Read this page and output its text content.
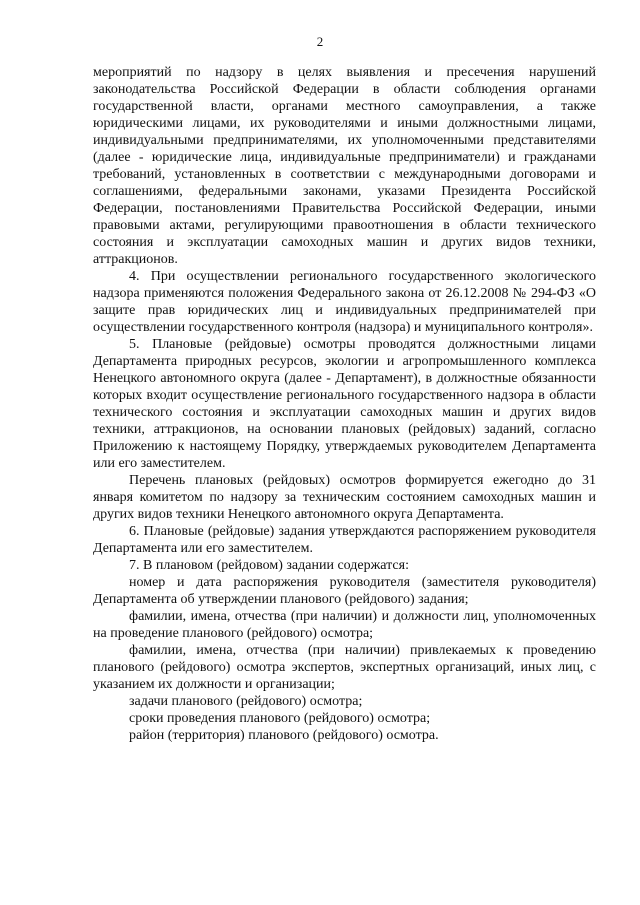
2

мероприятий по надзору в целях выявления и пресечения нарушений законодательства Российской Федерации в области соблюдения органами государственной власти, органами местного самоуправления, а также юридическими лицами, их руководителями и иными должностными лицами, индивидуальными предпринимателями, их уполномоченными представителями (далее - юридические лица, индивидуальные предприниматели) и гражданами требований, установленных в соответствии с международными договорами и соглашениями, федеральными законами, указами Президента Российской Федерации, постановлениями Правительства Российской Федерации, иными правовыми актами, регулирующими правоотношения в области технического состояния и эксплуатации самоходных машин и других видов техники, аттракционов.

4. При осуществлении регионального государственного экологического надзора применяются положения Федерального закона от 26.12.2008 № 294-ФЗ «О защите прав юридических лиц и индивидуальных предпринимателей при осуществлении государственного контроля (надзора) и муниципального контроля».

5. Плановые (рейдовые) осмотры проводятся должностными лицами Департамента природных ресурсов, экологии и агропромышленного комплекса Ненецкого автономного округа (далее - Департамент), в должностные обязанности которых входит осуществление регионального государственного надзора в области технического состояния и эксплуатации самоходных машин и других видов техники, аттракционов, на основании плановых (рейдовых) заданий, согласно Приложению к настоящему Порядку, утверждаемых руководителем Департамента или его заместителем.

Перечень плановых (рейдовых) осмотров формируется ежегодно до 31 января комитетом по надзору за техническим состоянием самоходных машин и других видов техники Ненецкого автономного округа Департамента.

6. Плановые (рейдовые) задания утверждаются распоряжением руководителя Департамента или его заместителем.

7. В плановом (рейдовом) задании содержатся:

номер и дата распоряжения руководителя (заместителя руководителя) Департамента об утверждении планового (рейдового) задания;

фамилии, имена, отчества (при наличии) и должности лиц, уполномоченных на проведение планового (рейдового) осмотра;

фамилии, имена, отчества (при наличии) привлекаемых к проведению планового (рейдового) осмотра экспертов, экспертных организаций, иных лиц, с указанием их должности и организации;

задачи планового (рейдового) осмотра;

сроки проведения планового (рейдового) осмотра;

район (территория) планового (рейдового) осмотра.
